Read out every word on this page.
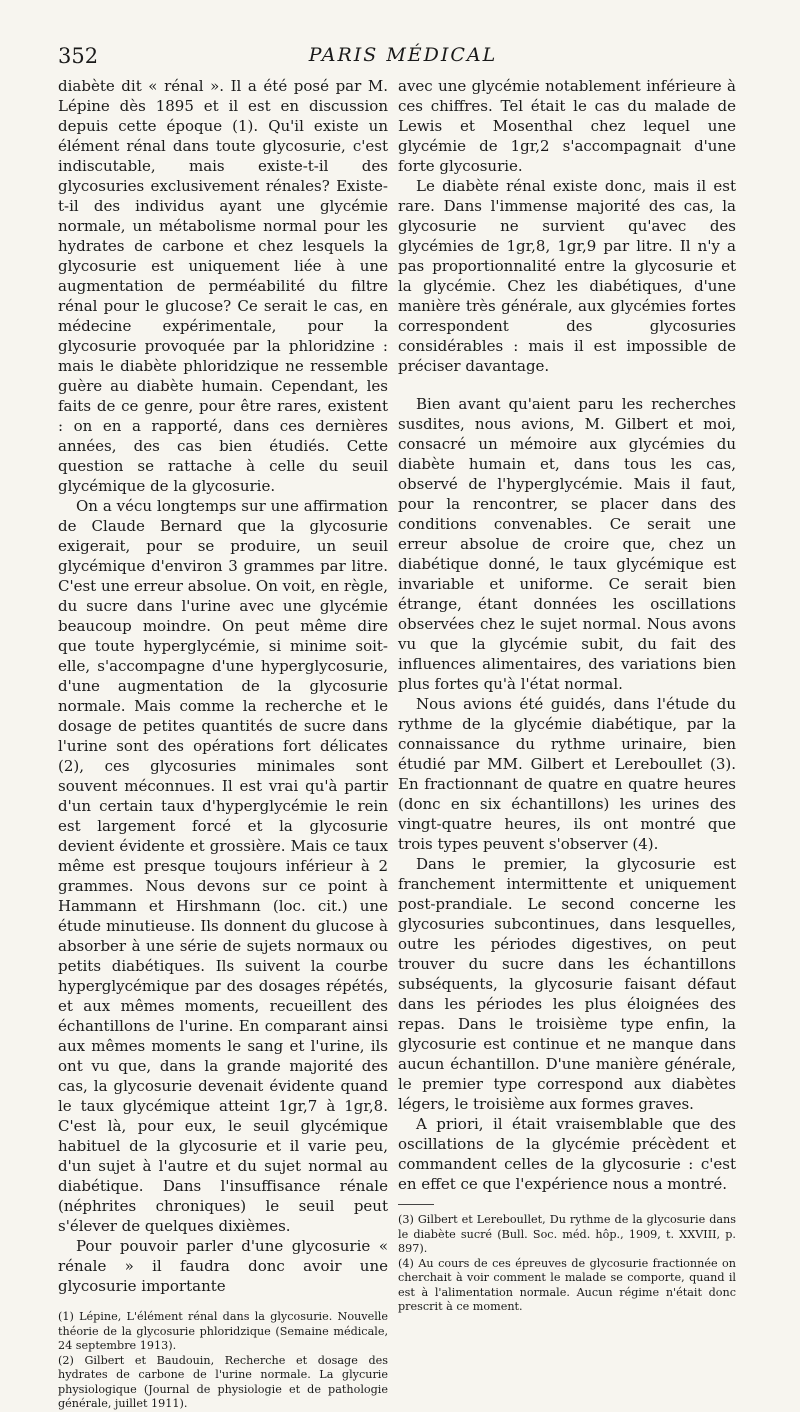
352	PARIS MÉDICAL

diabète dit « rénal ». Il a été posé par M. Lépine dès 1895 et il est en discussion depuis cette époque (1). Qu'il existe un élément rénal dans toute glycosurie, c'est indiscutable, mais existe-t-il des glycosuries exclusivement rénales? Existe-t-il des individus ayant une glycémie normale, un métabolisme normal pour les hydrates de carbone et chez lesquels la glycosurie est uniquement liée à une augmentation de perméabilité du filtre rénal pour le glucose? Ce serait le cas, en médecine expérimentale, pour la glycosurie provoquée par la phloridzine : mais le diabète phloridzique ne ressemble guère au diabète humain. Cependant, les faits de ce genre, pour être rares, existent : on en a rapporté, dans ces dernières années, des cas bien étudiés. Cette question se rattache à celle du seuil glycémique de la glycosurie.

On a vécu longtemps sur une affirmation de Claude Bernard que la glycosurie exigerait, pour se produire, un seuil glycémique d'environ 3 grammes par litre. C'est une erreur absolue. On voit, en règle, du sucre dans l'urine avec une glycémie beaucoup moindre. On peut même dire que toute hyperglycémie, si minime soit-elle, s'accompagne d'une hyperglycosurie, d'une augmentation de la glycosurie normale. Mais comme la recherche et le dosage de petites quantités de sucre dans l'urine sont des opérations fort délicates (2), ces glycosuries minimales sont souvent méconnues. Il est vrai qu'à partir d'un certain taux d'hyperglycémie le rein est largement forcé et la glycosurie devient évidente et grossière. Mais ce taux même est presque toujours inférieur à 2 grammes. Nous devons sur ce point à Hammann et Hirshmann (loc. cit.) une étude minutieuse. Ils donnent du glucose à absorber à une série de sujets normaux ou petits diabétiques. Ils suivent la courbe hyperglycémique par des dosages répétés, et aux mêmes moments, recueillent des échantillons de l'urine. En comparant ainsi aux mêmes moments le sang et l'urine, ils ont vu que, dans la grande majorité des cas, la glycosurie devenait évidente quand le taux glycémique atteint 1gr,7 à 1gr,8. C'est là, pour eux, le seuil glycémique habituel de la glycosurie et il varie peu, d'un sujet à l'autre et du sujet normal au diabétique. Dans l'insuffisance rénale (néphrites chroniques) le seuil peut s'élever de quelques dixièmes.

Pour pouvoir parler d'une glycosurie « rénale » il faudra donc avoir une glycosurie importante

(1) Lépine, L'élément rénal dans la glycosurie. Nouvelle théorie de la glycosurie phloridzique (Semaine médicale, 24 septembre 1913).

(2) Gilbert et Baudouin, Recherche et dosage des hydrates de carbone de l'urine normale. La glycurie physiologique (Journal de physiologie et de pathologie générale, juillet 1911).

avec une glycémie notablement inférieure à ces chiffres. Tel était le cas du malade de Lewis et Mosenthal chez lequel une glycémie de 1gr,2 s'accompagnait d'une forte glycosurie.

Le diabète rénal existe donc, mais il est rare. Dans l'immense majorité des cas, la glycosurie ne survient qu'avec des glycémies de 1gr,8, 1gr,9 par litre. Il n'y a pas proportionnalité entre la glycosurie et la glycémie. Chez les diabétiques, d'une manière très générale, aux glycémies fortes correspondent des glycosuries considérables : mais il est impossible de préciser davantage.

Bien avant qu'aient paru les recherches susdites, nous avions, M. Gilbert et moi, consacré un mémoire aux glycémies du diabète humain et, dans tous les cas, observé de l'hyperglycémie. Mais il faut, pour la rencontrer, se placer dans des conditions convenables. Ce serait une erreur absolue de croire que, chez un diabétique donné, le taux glycémique est invariable et uniforme. Ce serait bien étrange, étant données les oscillations observées chez le sujet normal. Nous avons vu que la glycémie subit, du fait des influences alimentaires, des variations bien plus fortes qu'à l'état normal.

Nous avions été guidés, dans l'étude du rythme de la glycémie diabétique, par la connaissance du rythme urinaire, bien étudié par MM. Gilbert et Lereboullet (3). En fractionnant de quatre en quatre heures (donc en six échantillons) les urines des vingt-quatre heures, ils ont montré que trois types peuvent s'observer (4).

Dans le premier, la glycosurie est franchement intermittente et uniquement post-prandiale. Le second concerne les glycosuries subcontinues, dans lesquelles, outre les périodes digestives, on peut trouver du sucre dans les échantillons subséquents, la glycosurie faisant défaut dans les périodes les plus éloignées des repas. Dans le troisième type enfin, la glycosurie est continue et ne manque dans aucun échantillon. D'une manière générale, le premier type correspond aux diabètes légers, le troisième aux formes graves.

A priori, il était vraisemblable que des oscillations de la glycémie précèdent et commandent celles de la glycosurie : c'est en effet ce que l'expérience nous a montré.

(3) Gilbert et Lereboullet, Du rythme de la glycosurie dans le diabète sucré (Bull. Soc. méd. hôp., 1909, t. XXVIII, p. 897).

(4) Au cours de ces épreuves de glycosurie fractionnée on cherchait à voir comment le malade se comporte, quand il est à l'alimentation normale. Aucun régime n'était donc prescrit à ce moment.
